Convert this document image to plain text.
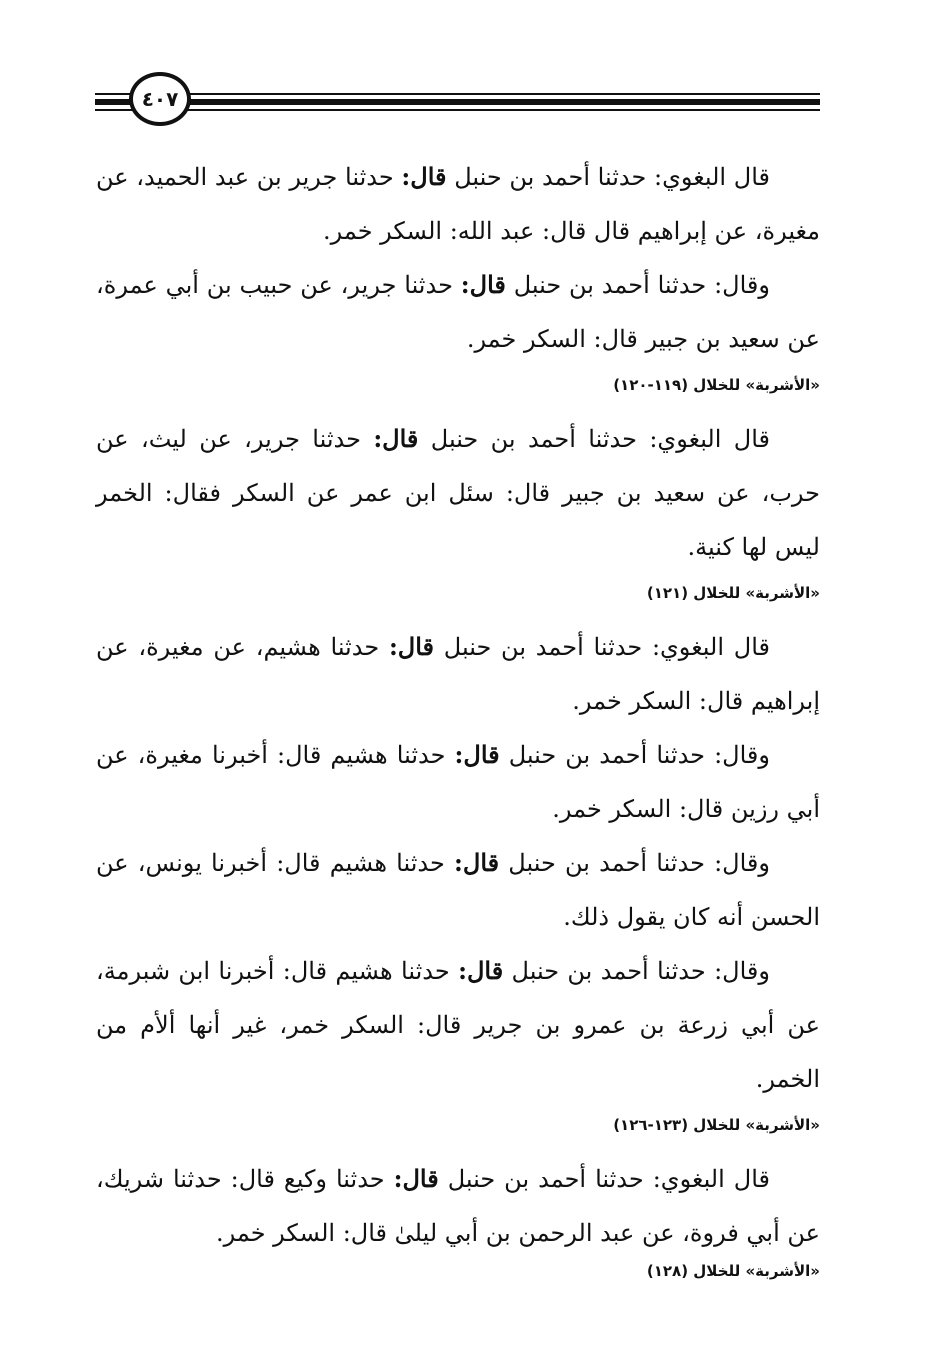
٤٠٧

قال البغوي: حدثنا أحمد بن حنبل قال: حدثنا جرير بن عبد الحميد، عن مغيرة، عن إبراهيم قال قال: عبد الله: السكر خمر.

وقال: حدثنا أحمد بن حنبل قال: حدثنا جرير، عن حبيب بن أبي عمرة، عن سعيد بن جبير قال: السكر خمر.

«الأشربة» للخلال (١١٩-١٢٠)

قال البغوي: حدثنا أحمد بن حنبل قال: حدثنا جرير، عن ليث، عن حرب، عن سعيد بن جبير قال: سئل ابن عمر عن السكر فقال: الخمر ليس لها كنية.

«الأشربة» للخلال (١٢١)

قال البغوي: حدثنا أحمد بن حنبل قال: حدثنا هشيم، عن مغيرة، عن إبراهيم قال: السكر خمر.

وقال: حدثنا أحمد بن حنبل قال: حدثنا هشيم قال: أخبرنا مغيرة، عن أبي رزين قال: السكر خمر.

وقال: حدثنا أحمد بن حنبل قال: حدثنا هشيم قال: أخبرنا يونس، عن الحسن أنه كان يقول ذلك.

وقال: حدثنا أحمد بن حنبل قال: حدثنا هشيم قال: أخبرنا ابن شبرمة، عن أبي زرعة بن عمرو بن جرير قال: السكر خمر، غير أنها ألأم من الخمر.

«الأشربة» للخلال (١٢٣-١٢٦)

قال البغوي: حدثنا أحمد بن حنبل قال: حدثنا وكيع قال: حدثنا شريك، عن أبي فروة، عن عبد الرحمن بن أبي ليلىٰ قال: السكر خمر.

«الأشربة» للخلال (١٢٨)
